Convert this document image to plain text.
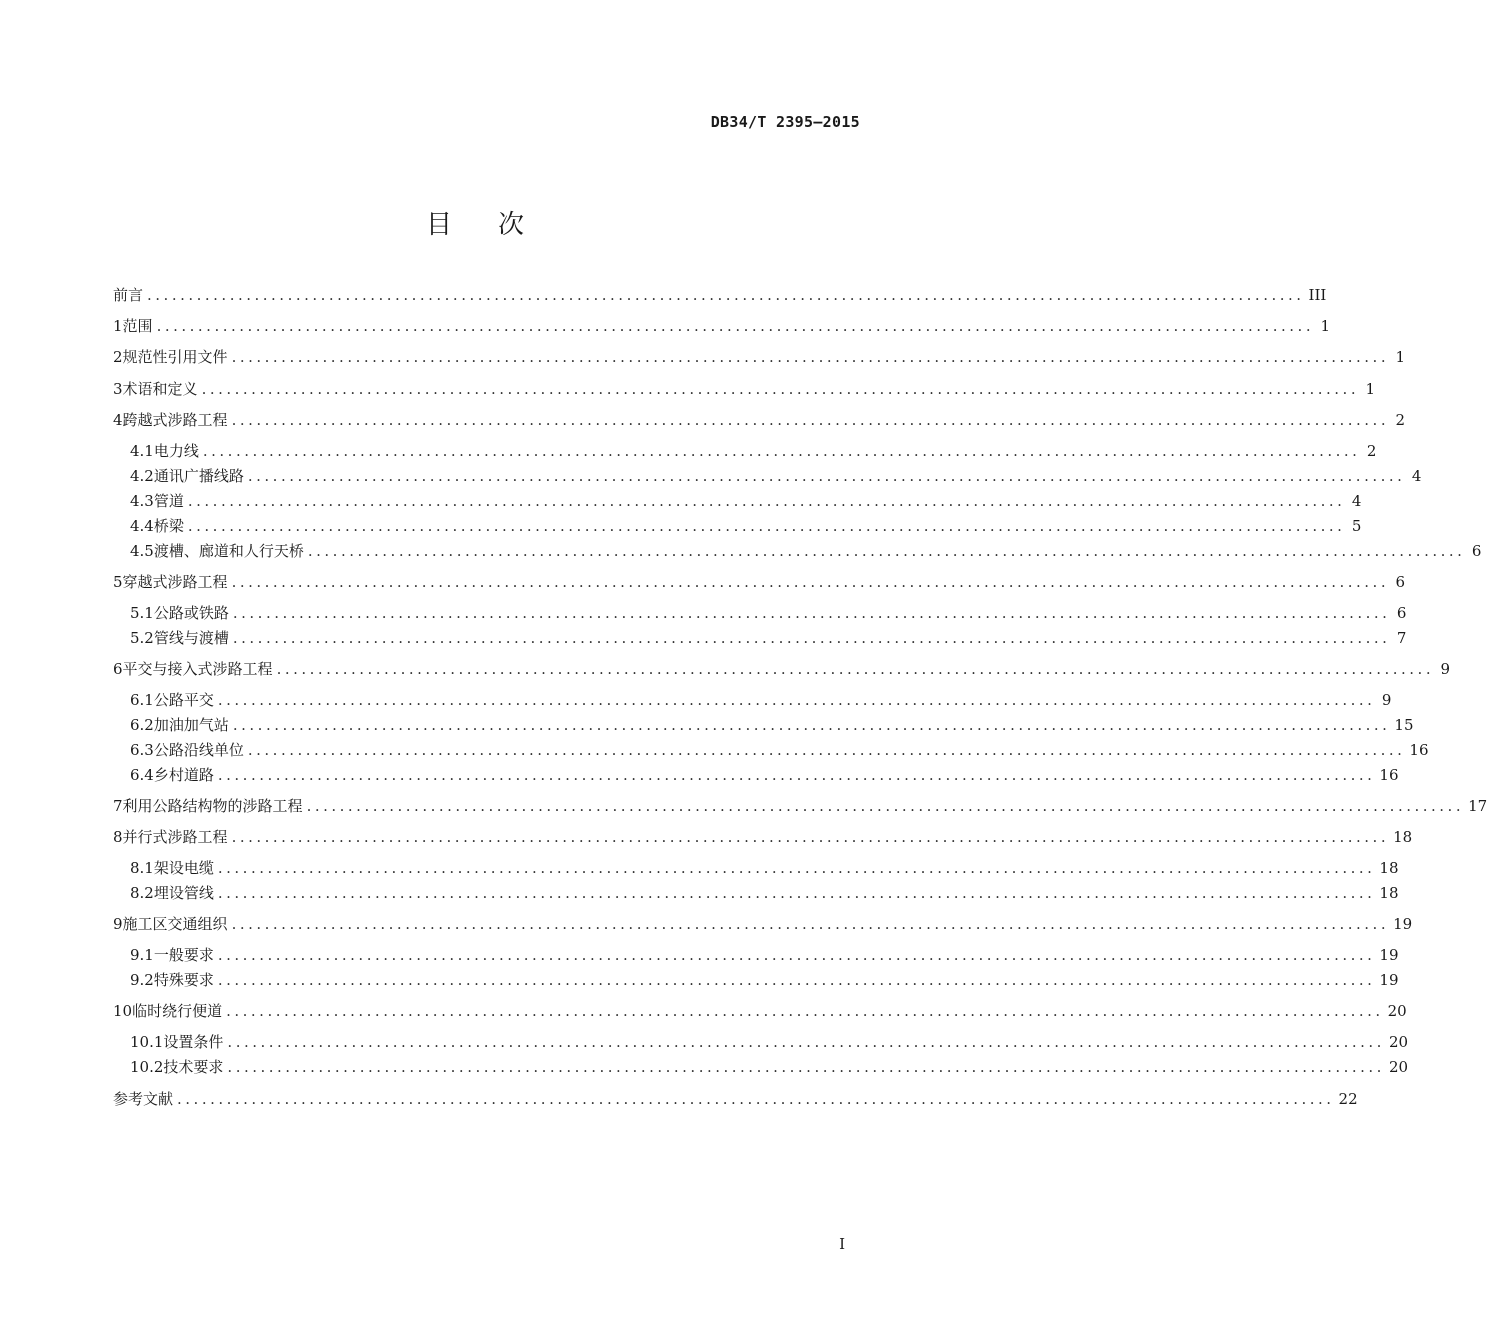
DB34/T 2395—2015
目次
前言 ............................................................................................................................................ III
1 范围 ............................................................................................................................................ 1
2 规范性引用文件 ............................................................................................................................................ 1
3 术语和定义 ............................................................................................................................................ 1
4 跨越式涉路工程 ............................................................................................................................................ 2
4.1 电力线 ............................................................................................................................................ 2
4.2 通讯广播线路 ............................................................................................................................................ 4
4.3 管道 ............................................................................................................................................ 4
4.4 桥梁 ............................................................................................................................................ 5
4.5 渡槽、廊道和人行天桥 ............................................................................................................................................ 6
5 穿越式涉路工程 ............................................................................................................................................ 6
5.1 公路或铁路 ............................................................................................................................................ 6
5.2 管线与渡槽 ............................................................................................................................................ 7
6 平交与接入式涉路工程 ............................................................................................................................................ 9
6.1 公路平交 ............................................................................................................................................ 9
6.2 加油加气站 ............................................................................................................................................ 15
6.3 公路沿线单位 ............................................................................................................................................ 16
6.4 乡村道路 ............................................................................................................................................ 16
7 利用公路结构物的涉路工程 ............................................................................................................................................ 17
8 并行式涉路工程 ............................................................................................................................................ 18
8.1 架设电缆 ............................................................................................................................................ 18
8.2 埋设管线 ............................................................................................................................................ 18
9 施工区交通组织 ............................................................................................................................................ 19
9.1 一般要求 ............................................................................................................................................ 19
9.2 特殊要求 ............................................................................................................................................ 19
10 临时绕行便道 ............................................................................................................................................ 20
10.1 设置条件 ............................................................................................................................................ 20
10.2 技术要求 ............................................................................................................................................ 20
参考文献 ............................................................................................................................................ 22
I
